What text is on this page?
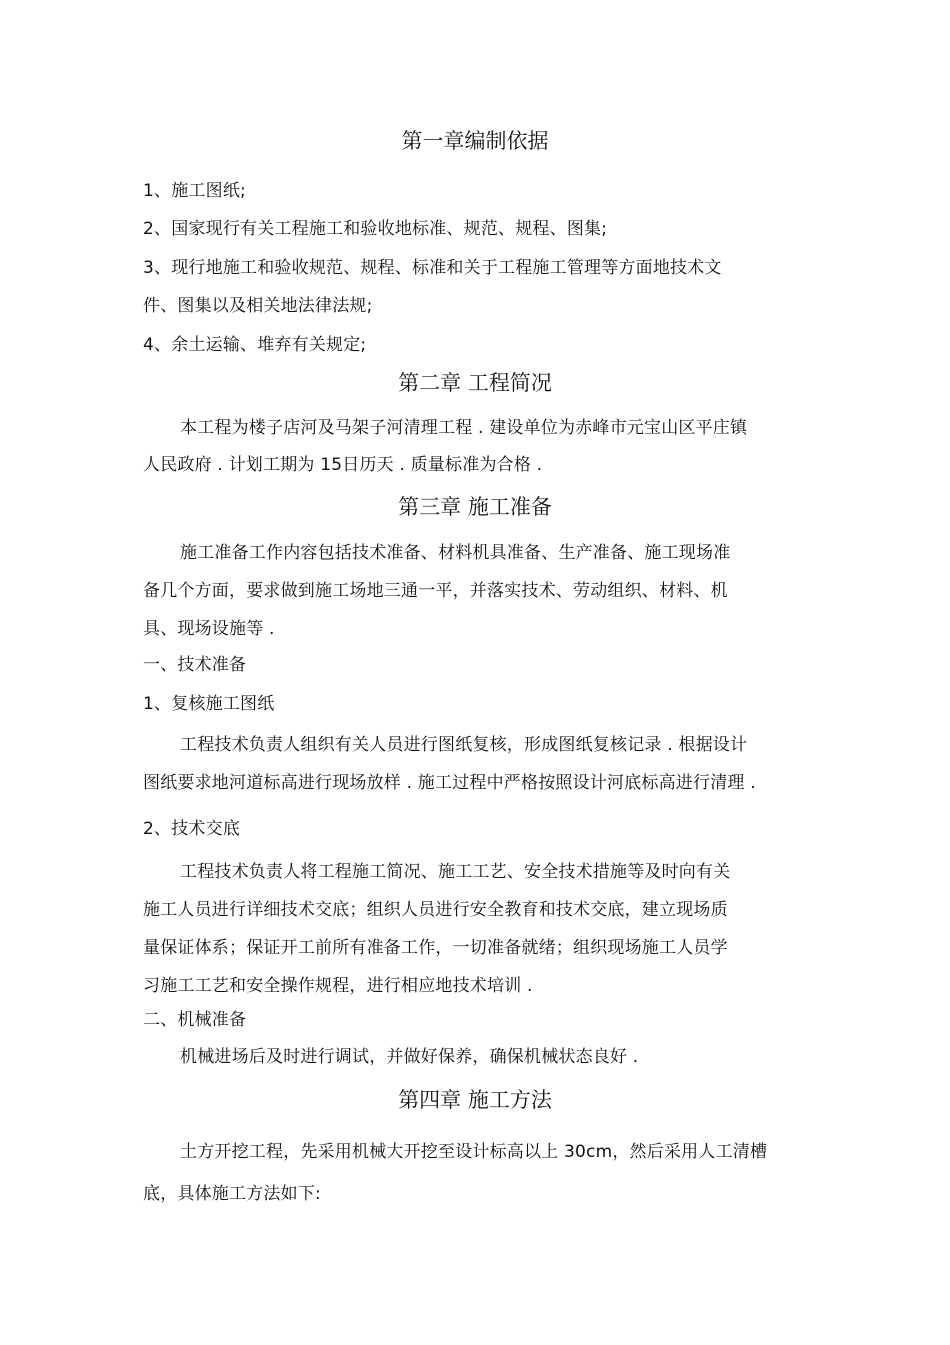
第一章编制依据
1、施工图纸;
2、国家现行有关工程施工和验收地标准、规范、规程、图集;
3、现行地施工和验收规范、规程、标准和关于工程施工管理等方面地技术文
件、图集以及相关地法律法规;
4、余土运输、堆弃有关规定;
第二章 工程简况
本工程为楼子店河及马架子河清理工程 . 建设单位为赤峰市元宝山区平庄镇
人民政府 . 计划工期为 15日历天 . 质量标准为合格 .
第三章 施工准备
施工准备工作内容包括技术准备、材料机具准备、生产准备、施工现场准
备几个方面，要求做到施工场地三通一平，并落实技术、劳动组织、材料、机
具、现场设施等 .
一、技术准备
1、复核施工图纸
工程技术负责人组织有关人员进行图纸复核，形成图纸复核记录 . 根据设计
图纸要求地河道标高进行现场放样 . 施工过程中严格按照设计河底标高进行清理 .
2、技术交底
工程技术负责人将工程施工简况、施工工艺、安全技术措施等及时向有关
施工人员进行详细技术交底；组织人员进行安全教育和技术交底，建立现场质
量保证体系；保证开工前所有准备工作，一切准备就绪；组织现场施工人员学
习施工工艺和安全操作规程，进行相应地技术培训 .
二、机械准备
机械进场后及时进行调试，并做好保养，确保机械状态良好 .
第四章 施工方法
土方开挖工程，先采用机械大开挖至设计标高以上 30cm，然后采用人工清槽
底，具体施工方法如下:
